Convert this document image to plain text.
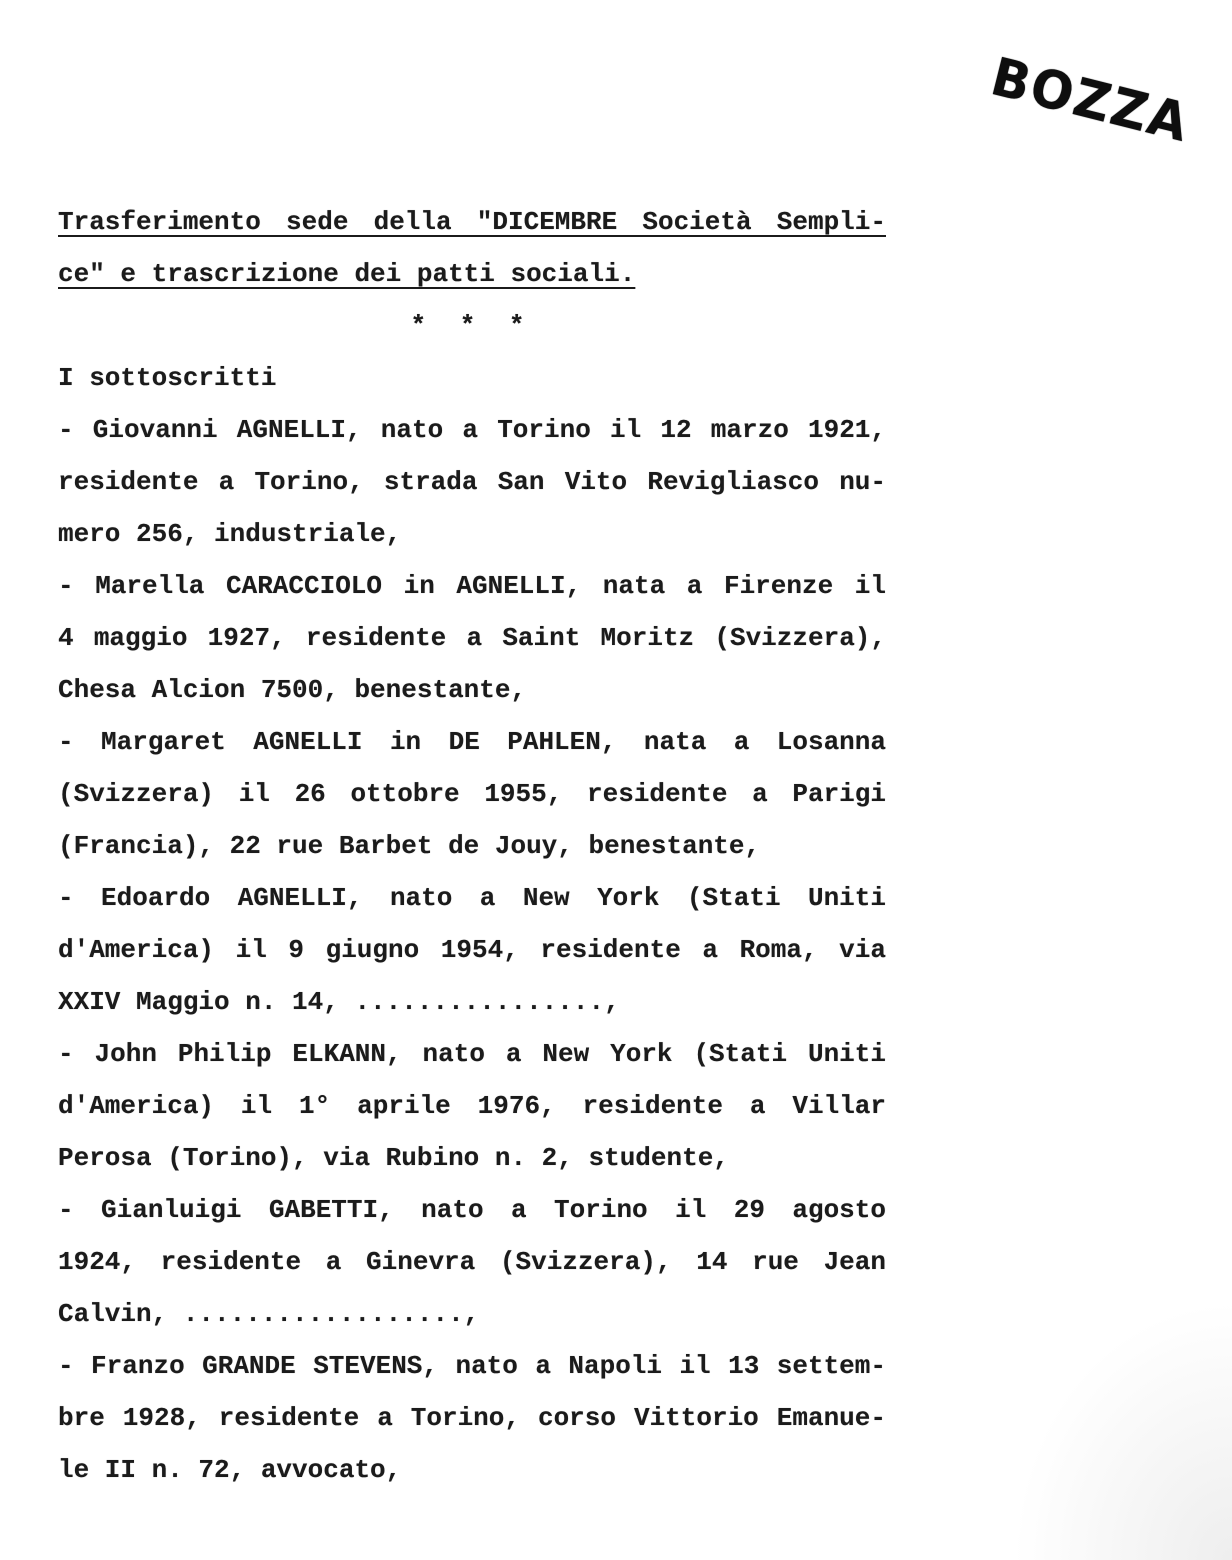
BOZZA
Trasferimento sede della "DICEMBRE Società Sempli-
ce" e trascrizione dei patti sociali.
* * *
I sottoscritti
- Giovanni AGNELLI, nato a Torino il 12 marzo 1921,
residente a Torino, strada San Vito Revigliasco nu-
mero 256, industriale,
- Marella CARACCIOLO in AGNELLI, nata a Firenze il
4 maggio 1927, residente a Saint Moritz (Svizzera),
Chesa Alcion 7500, benestante,
- Margaret AGNELLI in DE PAHLEN, nata a Losanna
(Svizzera) il 26 ottobre 1955, residente a Parigi
(Francia), 22 rue Barbet de Jouy, benestante,
- Edoardo AGNELLI, nato a New York (Stati Uniti
d'America) il 9 giugno 1954, residente a Roma, via
XXIV Maggio n. 14, ................,
- John Philip ELKANN, nato a New York (Stati Uniti
d'America) il 1° aprile 1976, residente a Villar
Perosa (Torino), via Rubino n. 2, studente,
- Gianluigi GABETTI, nato a Torino il 29 agosto
1924, residente a Ginevra (Svizzera), 14 rue Jean
Calvin, ..................,
- Franzo GRANDE STEVENS, nato a Napoli il 13 settem-
bre 1928, residente a Torino, corso Vittorio Emanue-
le II n. 72, avvocato,
